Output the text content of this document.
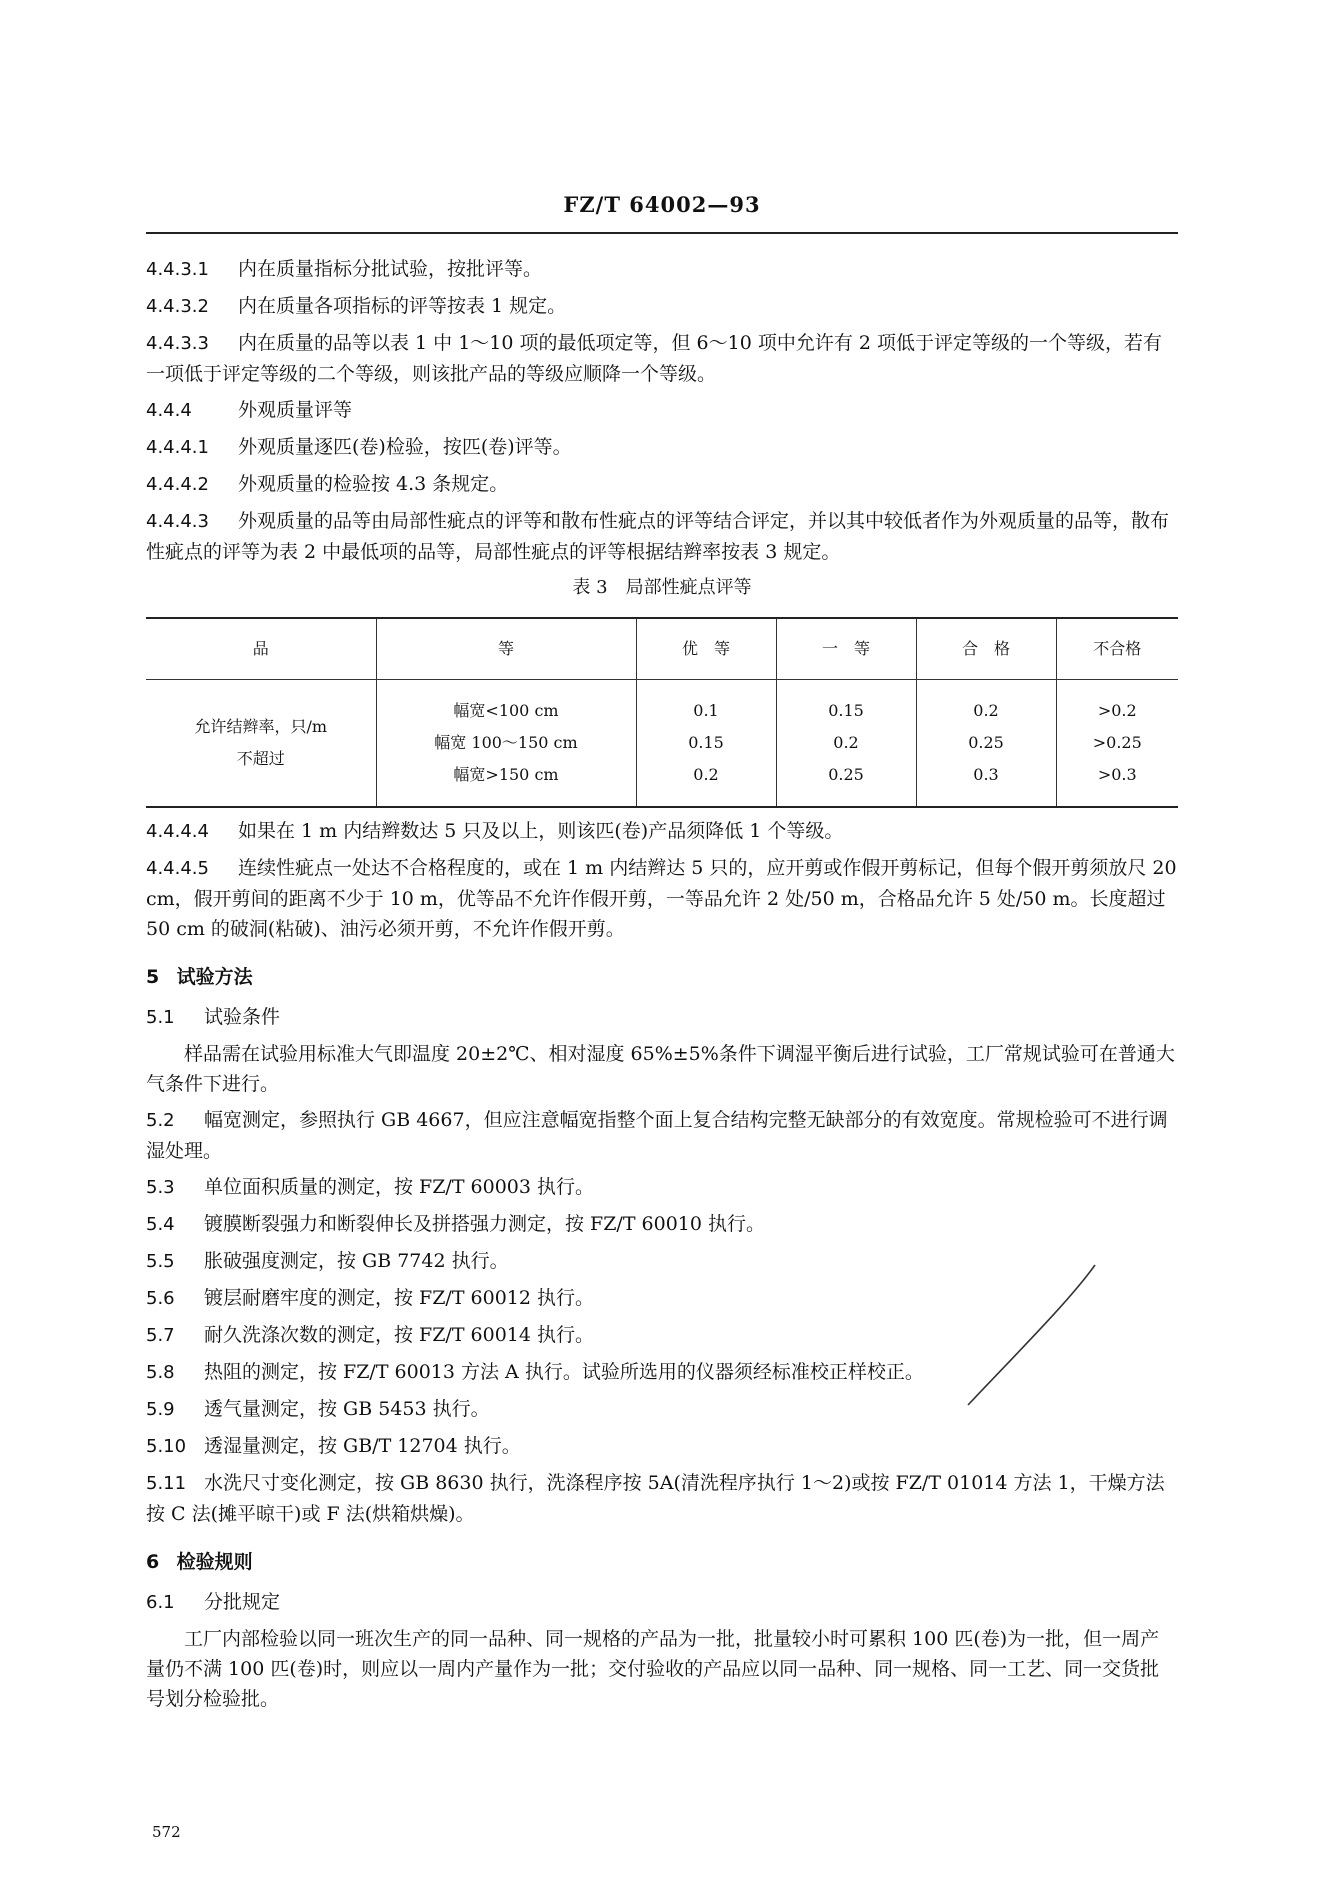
FZ/T 64002—93

4.4.3.1 内在质量指标分批试验，按批评等。

4.4.3.2 内在质量各项指标的评等按表 1 规定。

4.4.3.3 内在质量的品等以表 1 中 1～10 项的最低项定等，但 6～10 项中允许有 2 项低于评定等级的一个等级，若有一项低于评定等级的二个等级，则该批产品的等级应顺降一个等级。

4.4.4 外观质量评等

4.4.4.1 外观质量逐匹(卷)检验，按匹(卷)评等。

4.4.4.2 外观质量的检验按 4.3 条规定。

4.4.4.3 外观质量的品等由局部性疵点的评等和散布性疵点的评等结合评定，并以其中较低者作为外观质量的品等，散布性疵点的评等为表 2 中最低项的品等，局部性疵点的评等根据结辫率按表 3 规定。

表 3　局部性疵点评等

品	等	优　等	一　等	合　格	不合格

允许结辫率，只/m
不超过	幅宽<100 cm
幅宽 100～150 cm
幅宽>150 cm	0.1
0.15
0.2	0.15
0.2
0.25	0.2
0.25
0.3	>0.2
>0.25
>0.3

4.4.4.4 如果在 1 m 内结辫数达 5 只及以上，则该匹(卷)产品须降低 1 个等级。

4.4.4.5 连续性疵点一处达不合格程度的，或在 1 m 内结辫达 5 只的，应开剪或作假开剪标记，但每个假开剪须放尺 20 cm，假开剪间的距离不少于 10 m，优等品不允许作假开剪，一等品允许 2 处/50 m，合格品允许 5 处/50 m。长度超过 50 cm 的破洞(粘破)、油污必须开剪，不允许作假开剪。

5 试验方法

5.1 试验条件

样品需在试验用标准大气即温度 20±2℃、相对湿度 65%±5%条件下调湿平衡后进行试验，工厂常规试验可在普通大气条件下进行。

5.2 幅宽测定，参照执行 GB 4667，但应注意幅宽指整个面上复合结构完整无缺部分的有效宽度。常规检验可不进行调湿处理。

5.3 单位面积质量的测定，按 FZ/T 60003 执行。

5.4 镀膜断裂强力和断裂伸长及拼搭强力测定，按 FZ/T 60010 执行。

5.5 胀破强度测定，按 GB 7742 执行。

5.6 镀层耐磨牢度的测定，按 FZ/T 60012 执行。

5.7 耐久洗涤次数的测定，按 FZ/T 60014 执行。

5.8 热阻的测定，按 FZ/T 60013 方法 A 执行。试验所选用的仪器须经标准校正样校正。

5.9 透气量测定，按 GB 5453 执行。

5.10 透湿量测定，按 GB/T 12704 执行。

5.11 水洗尺寸变化测定，按 GB 8630 执行，洗涤程序按 5A(清洗程序执行 1～2)或按 FZ/T 01014 方法 1，干燥方法按 C 法(摊平晾干)或 F 法(烘箱烘燥)。

6 检验规则

6.1 分批规定

工厂内部检验以同一班次生产的同一品种、同一规格的产品为一批，批量较小时可累积 100 匹(卷)为一批，但一周产量仍不满 100 匹(卷)时，则应以一周内产量作为一批；交付验收的产品应以同一品种、同一规格、同一工艺、同一交货批号划分检验批。

572
